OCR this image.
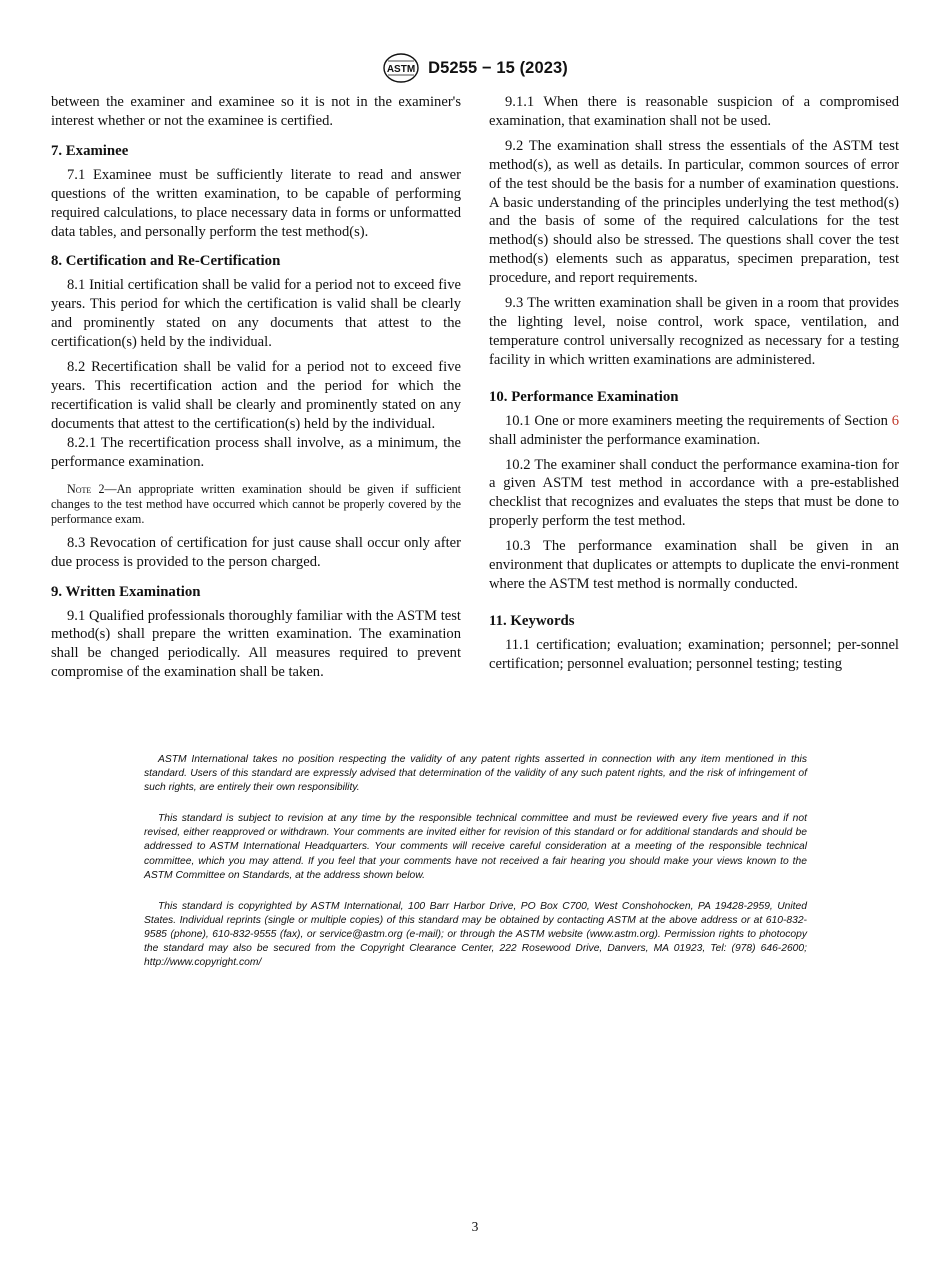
ASTM D5255 − 15 (2023)

between the examiner and examinee so it is not in the examiner's interest whether or not the examinee is certified.

7. Examinee

7.1 Examinee must be sufficiently literate to read and answer questions of the written examination, to be capable of performing required calculations, to place necessary data in forms or unformatted data tables, and personally perform the test method(s).

8. Certification and Re-Certification

8.1 Initial certification shall be valid for a period not to exceed five years. This period for which the certification is valid shall be clearly and prominently stated on any documents that attest to the certification(s) held by the individual.

8.2 Recertification shall be valid for a period not to exceed five years. This recertification action and the period for which the recertification is valid shall be clearly and prominently stated on any documents that attest to the certification(s) held by the individual.

8.2.1 The recertification process shall involve, as a minimum, the performance examination.

Note 2—An appropriate written examination should be given if sufficient changes to the test method have occurred which cannot be properly covered by the performance exam.

8.3 Revocation of certification for just cause shall occur only after due process is provided to the person charged.

9. Written Examination

9.1 Qualified professionals thoroughly familiar with the ASTM test method(s) shall prepare the written examination. The examination shall be changed periodically. All measures required to prevent compromise of the examination shall be taken.

9.1.1 When there is reasonable suspicion of a compromised examination, that examination shall not be used.

9.2 The examination shall stress the essentials of the ASTM test method(s), as well as details. In particular, common sources of error of the test should be the basis for a number of examination questions. A basic understanding of the principles underlying the test method(s) and the basis of some of the required calculations for the test method(s) should also be stressed. The questions shall cover the test method(s) elements such as apparatus, specimen preparation, test procedure, and report requirements.

9.3 The written examination shall be given in a room that provides the lighting level, noise control, work space, ventilation, and temperature control universally recognized as necessary for a testing facility in which written examinations are administered.

10. Performance Examination

10.1 One or more examiners meeting the requirements of Section 6 shall administer the performance examination.

10.2 The examiner shall conduct the performance examina-tion for a given ASTM test method in accordance with a pre-established checklist that recognizes and evaluates the steps that must be done to properly perform the test method.

10.3 The performance examination shall be given in an environment that duplicates or attempts to duplicate the envi-ronment where the ASTM test method is normally conducted.

11. Keywords

11.1 certification; evaluation; examination; personnel; per-sonnel certification; personnel evaluation; personnel testing; testing

ASTM International takes no position respecting the validity of any patent rights asserted in connection with any item mentioned in this standard. Users of this standard are expressly advised that determination of the validity of any such patent rights, and the risk of infringement of such rights, are entirely their own responsibility.

This standard is subject to revision at any time by the responsible technical committee and must be reviewed every five years and if not revised, either reapproved or withdrawn. Your comments are invited either for revision of this standard or for additional standards and should be addressed to ASTM International Headquarters. Your comments will receive careful consideration at a meeting of the responsible technical committee, which you may attend. If you feel that your comments have not received a fair hearing you should make your views known to the ASTM Committee on Standards, at the address shown below.

This standard is copyrighted by ASTM International, 100 Barr Harbor Drive, PO Box C700, West Conshohocken, PA 19428-2959, United States. Individual reprints (single or multiple copies) of this standard may be obtained by contacting ASTM at the above address or at 610-832-9585 (phone), 610-832-9555 (fax), or service@astm.org (e-mail); or through the ASTM website (www.astm.org). Permission rights to photocopy the standard may also be secured from the Copyright Clearance Center, 222 Rosewood Drive, Danvers, MA 01923, Tel: (978) 646-2600; http://www.copyright.com/

3
